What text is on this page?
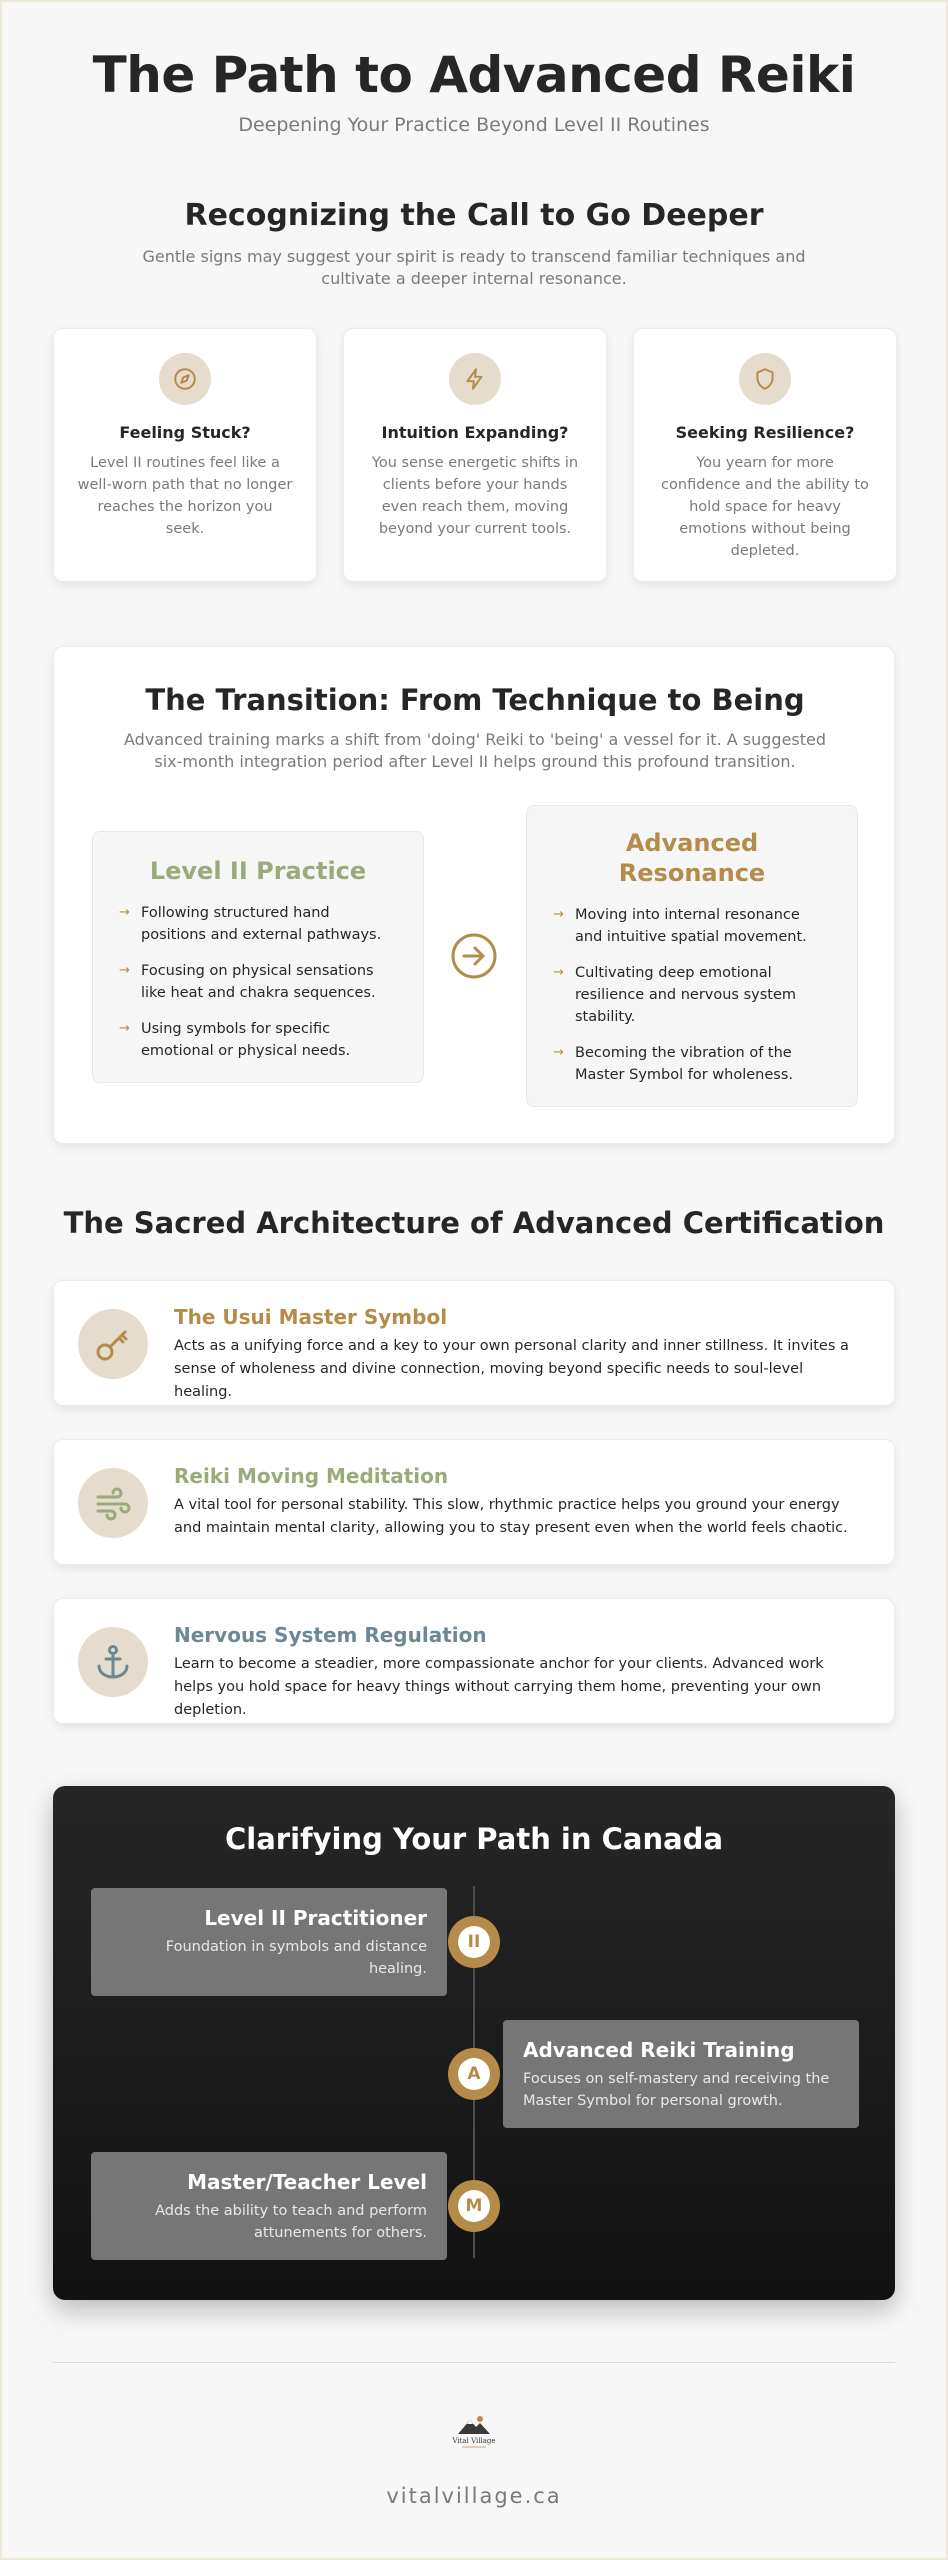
The Path to Advanced Reiki
Deepening Your Practice Beyond Level II Routines
Recognizing the Call to Go Deeper

Gentle signs may suggest your spirit is ready to transcend familiar techniques and cultivate a deeper internal resonance.

Feeling Stuck?
Level II routines feel like a well-worn path that no longer reaches the horizon you seek.
Intuition Expanding?
You sense energetic shifts in clients before your hands even reach them, moving beyond your current tools.
Seeking Resilience?
You yearn for more confidence and the ability to hold space for heavy emotions without being depleted.
The Transition: From Technique to Being

Advanced training marks a shift from 'doing' Reiki to 'being' a vessel for it. A suggested six-month integration period after Level II helps ground this profound transition.

Level II Practice
→ Following structured hand positions and external pathways.
→ Focusing on physical sensations like heat and chakra sequences.
→ Using symbols for specific emotional or physical needs.
Advanced Resonance
→ Moving into internal resonance and intuitive spatial movement.
→ Cultivating deep emotional resilience and nervous system stability.
→ Becoming the vibration of the Master Symbol for wholeness.
The Sacred Architecture of Advanced Certification
The Usui Master Symbol
Acts as a unifying force and a key to your own personal clarity and inner stillness. It invites a sense of wholeness and divine connection, moving beyond specific needs to soul-level healing.
Reiki Moving Meditation
A vital tool for personal stability. This slow, rhythmic practice helps you ground your energy and maintain mental clarity, allowing you to stay present even when the world feels chaotic.
Nervous System Regulation
Learn to become a steadier, more compassionate anchor for your clients. Advanced work helps you hold space for heavy things without carrying them home, preventing your own depletion.
Clarifying Your Path in Canada
Level II Practitioner
Foundation in symbols and distance healing.
II
Advanced Reiki Training
Focuses on self-mastery and receiving the Master Symbol for personal growth.
A
Master/Teacher Level
Adds the ability to teach and perform attunements for others.
M
Vital Village
vitalvillage.ca
